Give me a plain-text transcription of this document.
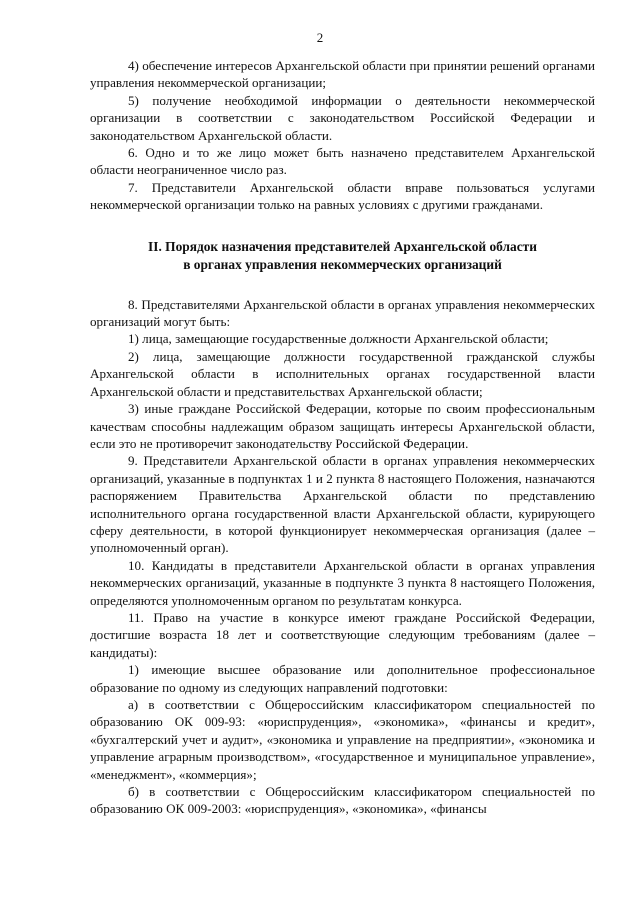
2

4) обеспечение интересов Архангельской области при принятии решений органами управления некоммерческой организации;

5) получение необходимой информации о деятельности некоммерческой организации в соответствии с законодательством Российской Федерации и законодательством Архангельской области.

6. Одно и то же лицо может быть назначено представителем Архангельской области неограниченное число раз.

7. Представители Архангельской области вправе пользоваться услугами некоммерческой организации только на равных условиях с другими гражданами.

II. Порядок назначения представителей Архангельской области
в органах управления некоммерческих организаций

8. Представителями Архангельской области в органах управления некоммерческих организаций могут быть:

1) лица, замещающие государственные должности Архангельской области;

2) лица, замещающие должности государственной гражданской службы Архангельской области в исполнительных органах государственной власти Архангельской области и представительствах Архангельской области;

3) иные граждане Российской Федерации, которые по своим профессиональным качествам способны надлежащим образом защищать интересы Архангельской области, если это не противоречит законодательству Российской Федерации.

9. Представители Архангельской области в органах управления некоммерческих организаций, указанные в подпунктах 1 и 2 пункта 8 настоящего Положения, назначаются распоряжением Правительства Архангельской области по представлению исполнительного органа государственной власти Архангельской области, курирующего сферу деятельности, в которой функционирует некоммерческая организация (далее – уполномоченный орган).

10. Кандидаты в представители Архангельской области в органах управления некоммерческих организаций, указанные в подпункте 3 пункта 8 настоящего Положения, определяются уполномоченным органом по результатам конкурса.

11. Право на участие в конкурсе имеют граждане Российской Федерации, достигшие возраста 18 лет и соответствующие следующим требованиям (далее – кандидаты):

1) имеющие высшее образование или дополнительное профессиональное образование по одному из следующих направлений подготовки:

а) в соответствии с Общероссийским классификатором специальностей по образованию ОК 009-93: «юриспруденция», «экономика», «финансы и кредит», «бухгалтерский учет и аудит», «экономика и управление на предприятии», «экономика и управление аграрным производством», «государственное и муниципальное управление», «менеджмент», «коммерция»;

б) в соответствии с Общероссийским классификатором специальностей по образованию ОК 009-2003: «юриспруденция», «экономика», «финансы
